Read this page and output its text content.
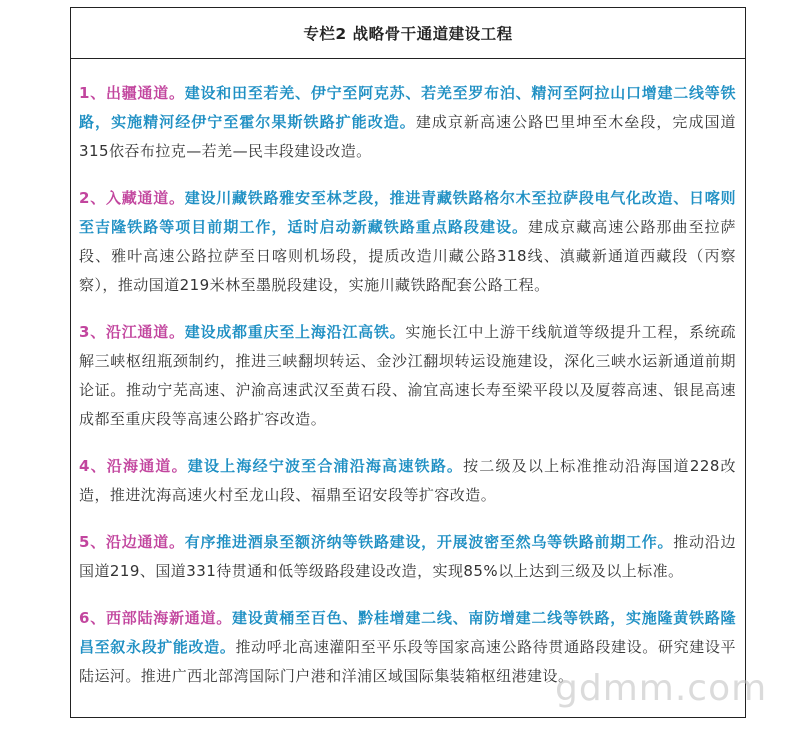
专栏2 战略骨干通道建设工程

1、出疆通道。建设和田至若羌、伊宁至阿克苏、若羌至罗布泊、精河至阿拉山口增建二线等铁路，实施精河经伊宁至霍尔果斯铁路扩能改造。建成京新高速公路巴里坤至木垒段，完成国道315依吞布拉克—若羌—民丰段建设改造。

2、入藏通道。建设川藏铁路雅安至林芝段，推进青藏铁路格尔木至拉萨段电气化改造、日喀则至吉隆铁路等项目前期工作，适时启动新藏铁路重点路段建设。建成京藏高速公路那曲至拉萨段、雅叶高速公路拉萨至日喀则机场段，提质改造川藏公路318线、滇藏新通道西藏段（丙察察），推动国道219米林至墨脱段建设，实施川藏铁路配套公路工程。

3、沿江通道。建设成都重庆至上海沿江高铁。实施长江中上游干线航道等级提升工程，系统疏解三峡枢纽瓶颈制约，推进三峡翻坝转运、金沙江翻坝转运设施建设，深化三峡水运新通道前期论证。推动宁芜高速、沪渝高速武汉至黄石段、渝宜高速长寿至梁平段以及厦蓉高速、银昆高速成都至重庆段等高速公路扩容改造。

4、沿海通道。建设上海经宁波至合浦沿海高速铁路。按二级及以上标准推动沿海国道228改造，推进沈海高速火村至龙山段、福鼎至诏安段等扩容改造。

5、沿边通道。有序推进酒泉至额济纳等铁路建设，开展波密至然乌等铁路前期工作。推动沿边国道219、国道331待贯通和低等级路段建设改造，实现85%以上达到三级及以上标准。

6、西部陆海新通道。建设黄桶至百色、黔桂增建二线、南防增建二线等铁路，实施隆黄铁路隆昌至叙永段扩能改造。推动呼北高速灌阳至平乐段等国家高速公路待贯通路段建设。研究建设平陆运河。推进广西北部湾国际门户港和洋浦区域国际集装箱枢纽港建设。

gdmm.com
